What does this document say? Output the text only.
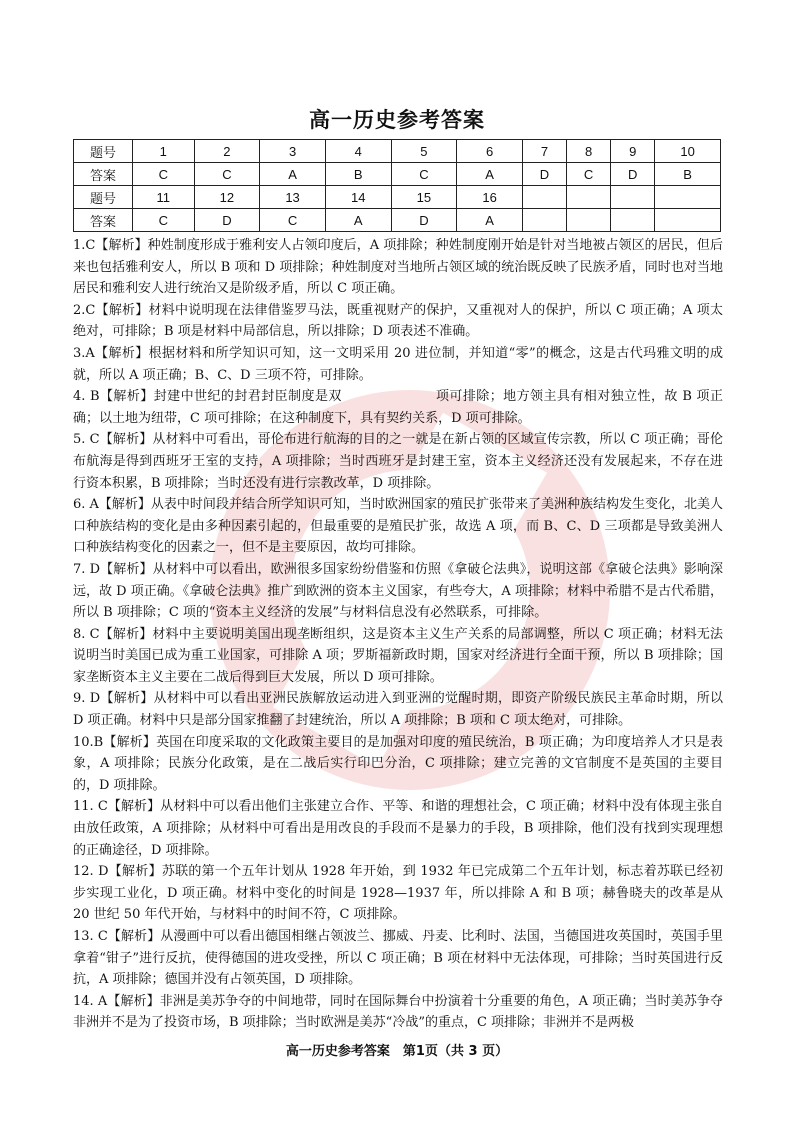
高一历史参考答案
题号	1	2	3	4	5	6	7	8	9	10
答案	C	C	A	B	C	A	D	C	D	B
题号	11	12	13	14	15	16				
答案	C	D	C	A	D	A				

1.C【解析】种姓制度形成于雅利安人占领印度后，A 项排除；种姓制度刚开始是针对当地被占领区的居民，但后来也包括雅利安人，所以 B 项和 D 项排除；种姓制度对当地所占领区域的统治既反映了民族矛盾，同时也对当地居民和雅利安人进行统治又是阶级矛盾，所以 C 项正确。

2.C【解析】材料中说明现在法律借鉴罗马法，既重视财产的保护，又重视对人的保护，所以 C 项正确；A 项太绝对，可排除；B 项是材料中局部信息，所以排除；D 项表述不准确。

3.A【解析】根据材料和所学知识可知，这一文明采用 20 进位制，并知道“零”的概念，这是古代玛雅文明的成就，所以 A 项正确；B、C、D 三项不符，可排除。

4. B【解析】封建中世纪的封君封臣制度是双　　　　　　　项可排除；地方领主具有相对独立性，故 B 项正确；以土地为纽带，C 项可排除；在这种制度下，具有契约关系，D 项可排除。

5. C【解析】从材料中可看出，哥伦布进行航海的目的之一就是在新占领的区域宣传宗教，所以 C 项正确；哥伦布航海是得到西班牙王室的支持，A 项排除；当时西班牙是封建王室，资本主义经济还没有发展起来，不存在进行资本积累，B 项排除；当时还没有进行宗教改革，D 项排除。

6. A【解析】从表中时间段并结合所学知识可知，当时欧洲国家的殖民扩张带来了美洲种族结构发生变化，北美人口种族结构的变化是由多种因素引起的，但最重要的是殖民扩张，故选 A 项，而 B、C、D 三项都是导致美洲人口种族结构变化的因素之一，但不是主要原因，故均可排除。

7. D【解析】从材料中可以看出，欧洲很多国家纷纷借鉴和仿照《拿破仑法典》，说明这部《拿破仑法典》影响深远，故 D 项正确。《拿破仑法典》推广到欧洲的资本主义国家，有些夸大，A 项排除；材料中希腊不是古代希腊，所以 B 项排除；C 项的“资本主义经济的发展”与材料信息没有必然联系，可排除。

8. C【解析】材料中主要说明美国出现垄断组织，这是资本主义生产关系的局部调整，所以 C 项正确；材料无法说明当时美国已成为重工业国家，可排除 A 项；罗斯福新政时期，国家对经济进行全面干预，所以 B 项排除；国家垄断资本主义主要在二战后得到巨大发展，所以 D 项可排除。

9. D【解析】从材料中可以看出亚洲民族解放运动进入到亚洲的觉醒时期，即资产阶级民族民主革命时期，所以 D 项正确。材料中只是部分国家推翻了封建统治，所以 A 项排除；B 项和 C 项太绝对，可排除。

10.B【解析】英国在印度采取的文化政策主要目的是加强对印度的殖民统治，B 项正确；为印度培养人才只是表象，A 项排除；民族分化政策，是在二战后实行印巴分治，C 项排除；建立完善的文官制度不是英国的主要目的，D 项排除。

11. C【解析】从材料中可以看出他们主张建立合作、平等、和谐的理想社会，C 项正确；材料中没有体现主张自由放任政策，A 项排除；从材料中可看出是用改良的手段而不是暴力的手段，B 项排除，他们没有找到实现理想的正确途径，D 项排除。

12. D【解析】苏联的第一个五年计划从 1928 年开始，到 1932 年已完成第二个五年计划，标志着苏联已经初步实现工业化，D 项正确。材料中变化的时间是 1928—1937 年，所以排除 A 和 B 项；赫鲁晓夫的改革是从 20 世纪 50 年代开始，与材料中的时间不符，C 项排除。

13. C【解析】从漫画中可以看出德国相继占领波兰、挪威、丹麦、比利时、法国，当德国进攻英国时，英国手里拿着“钳子”进行反抗，使得德国的进攻受挫，所以 C 项正确；B 项在材料中无法体现，可排除；当时英国进行反抗，A 项排除；德国并没有占领英国，D 项排除。

14. A【解析】非洲是美苏争夺的中间地带，同时在国际舞台中扮演着十分重要的角色，A 项正确；当时美苏争夺非洲并不是为了投资市场，B 项排除；当时欧洲是美苏“冷战”的重点，C 项排除；非洲并不是两极

高一历史参考答案　第1页（共 3 页）
